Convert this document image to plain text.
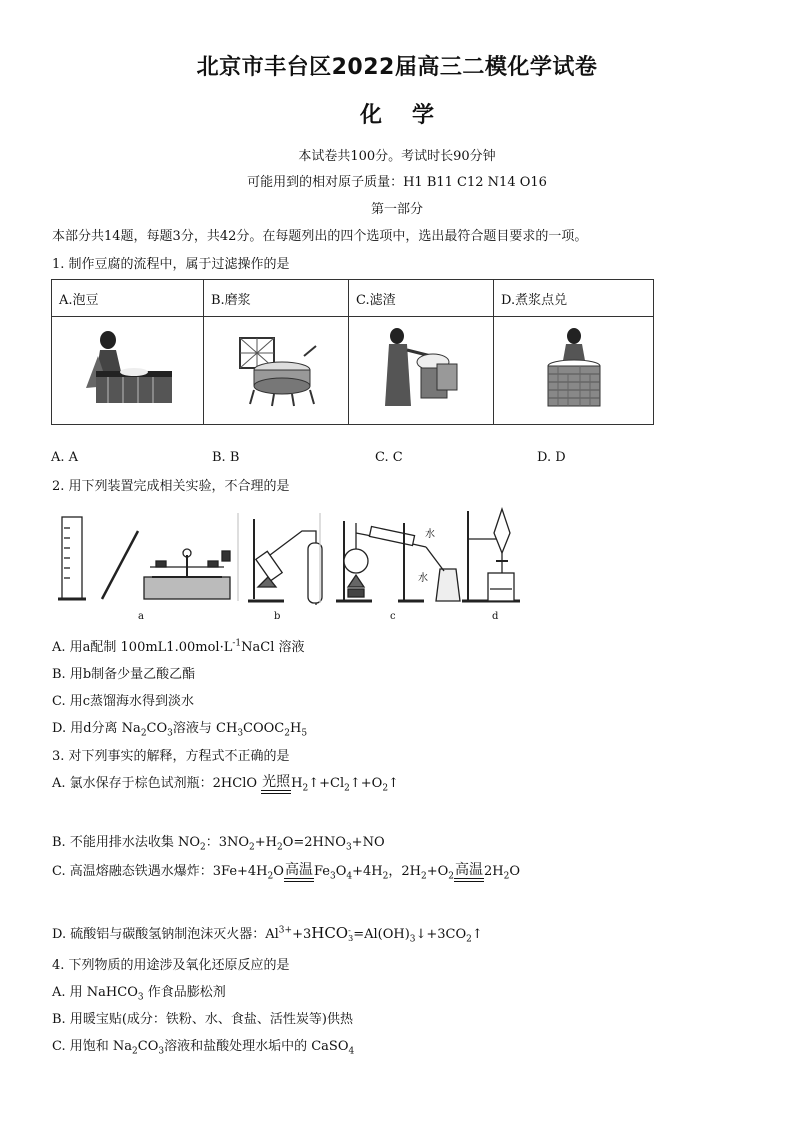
北京市丰台区2022届高三二模化学试卷
化学
本试卷共100分。考试时长90分钟
可能用到的相对原子质量：H1 B11 C12 N14 O16
第一部分
本部分共14题，每题3分，共42分。在每题列出的四个选项中，选出最符合题目要求的一项。
1. 制作豆腐的流程中，属于过滤操作的是
A.泡豆	B.磨浆	C.滤渣	D.煮浆点兑

A. A	B. B	C. C	D. D
2. 用下列装置完成相关实验，不合理的是
水
水
a	b	c	d
A. 用a配制 $100mL1.00mol\cdot L^{-1}NaCl$ 溶液
B. 用b制备少量乙酸乙酯
C. 用c蒸馏海水得到淡水
D. 用d分离 $Na_2CO_3$溶液与 $CH_3COOC_2H_5$
3. 对下列事实的解释，方程式不正确的是
A. 氯水保存于棕色试剂瓶：2HClO 光照 $H_2↑+Cl_2↑+O_2↑$
B. 不能用排水法收集 $NO_2$：$3NO_2+H_2O=2HNO_3+NO$
C. 高温熔融态铁遇水爆炸：$3Fe+4H_2O$ 高温 $Fe_3O_4+4H_2$，$2H_2+O_2$ 高温 $2H_2O$
D. 硫酸铝与碳酸氢钠制泡沫灭火器：$Al^{3+}+3HCO$ -
$3 =Al(OH)_3↓+3CO_2↑$
4. 下列物质的用途涉及氧化还原反应的是
A. 用 NaHCO$_3$ 作食品膨松剂
B. 用暖宝贴(成分：铁粉、水、食盐、活性炭等)供热
C. 用饱和 $Na_2CO_3$溶液和盐酸处理水垢中的 CaSO$_4$
